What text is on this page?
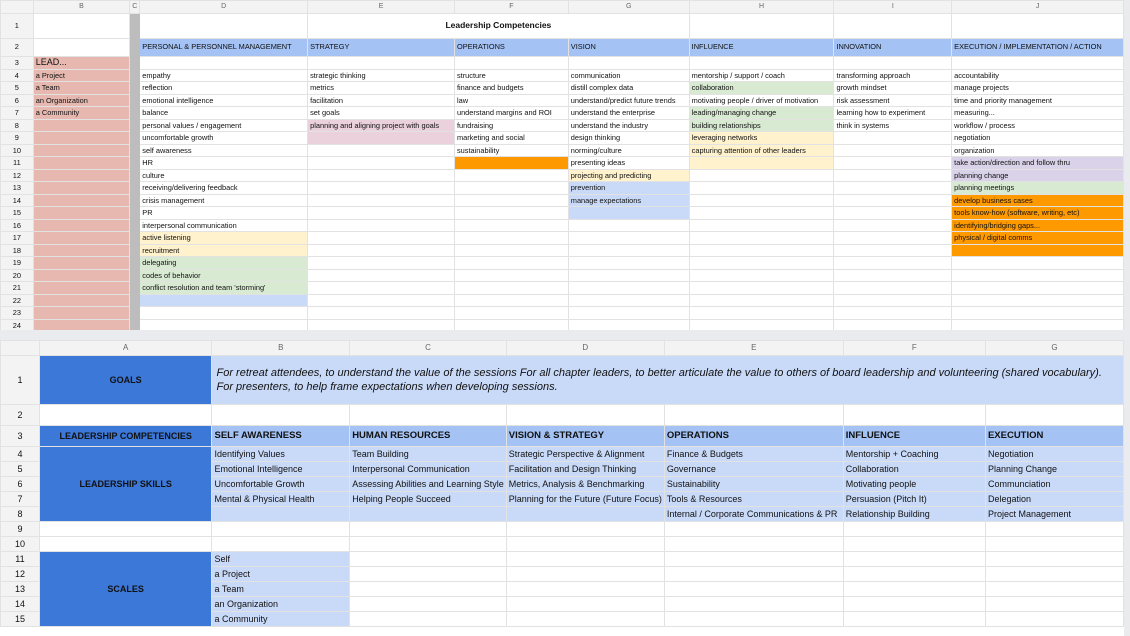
	B	C	D	E	F	G	H	I	J
1				Leadership Competencies					
2			PERSONAL & PERSONNEL MANAGEMENT	STRATEGY	OPERATIONS	VISION	INFLUENCE	INNOVATION	EXECUTION / IMPLEMENTATION / ACTION
3	LEAD...								
4	a Project		empathy	strategic thinking	structure	communication	mentorship / support / coach	transforming approach	accountability
5	a Team		reflection	metrics	finance and budgets	distill complex data	collaboration	growth mindset	manage projects
6	an Organization		emotional intelligence	facilitation	law	understand/predict future trends	motivating people / driver of motivation	risk assessment	time and priority management
7	a Community		balance	set goals	understand margins and ROI	understand the enterprise	leading/managing change	learning how to experiment	measuring...
8			personal values / engagement	planning and aligning project with goals	fundraising	understand the industry	building relationships	think in systems	workflow / process
9			uncomfortable growth		marketing and social	design thinking	leveraging networks		negotiation
10			self awareness		sustainability	norming/culture	capturing attention of other leaders		organization
11			HR			presenting ideas			take action/direction and follow thru
12			culture			projecting and predicting			planning change
13			receiving/delivering feedback			prevention			planning meetings
14			crisis management			manage expectations			develop business cases
15			PR						tools know-how (software, writing, etc)
16			interpersonal communication						identifying/bridging gaps...
17			active listening						physical / digital comms
18			recruitment						
19			delegating						
20			codes of behavior						
21			conflict resolution and team 'storming'						
22									
23									
24									
	A	B	C	D	E	F	G
1	GOALS	For retreat attendees, to understand the value of the sessions For all chapter leaders, to better articulate the value to others of board leadership and volunteering (shared vocabulary). For presenters, to help frame expectations when developing sessions.					
2							
3	LEADERSHIP COMPETENCIES	SELF AWARENESS	HUMAN RESOURCES	VISION & STRATEGY	OPERATIONS	INFLUENCE	EXECUTION
4	LEADERSHIP SKILLS	Identifying Values	Team Building	Strategic Perspective & Alignment	Finance & Budgets	Mentorship + Coaching	Negotiation
5		Emotional Intelligence	Interpersonal Communication	Facilitation and Design Thinking	Governance	Collaboration	Planning Change
6		Uncomfortable Growth	Assessing Abilities and Learning Style	Metrics, Analysis & Benchmarking	Sustainability	Motivating people	Communciation
7		Mental & Physical Health	Helping People Succeed	Planning for the Future (Future Focus)	Tools & Resources	Persuasion (Pitch It)	Delegation
8					Internal / Corporate Communications & PR	Relationship Building	Project Management
9							
10							
11	SCALES	Self					
12		a Project					
13		a Team					
14		an Organization					
15		a Community					
